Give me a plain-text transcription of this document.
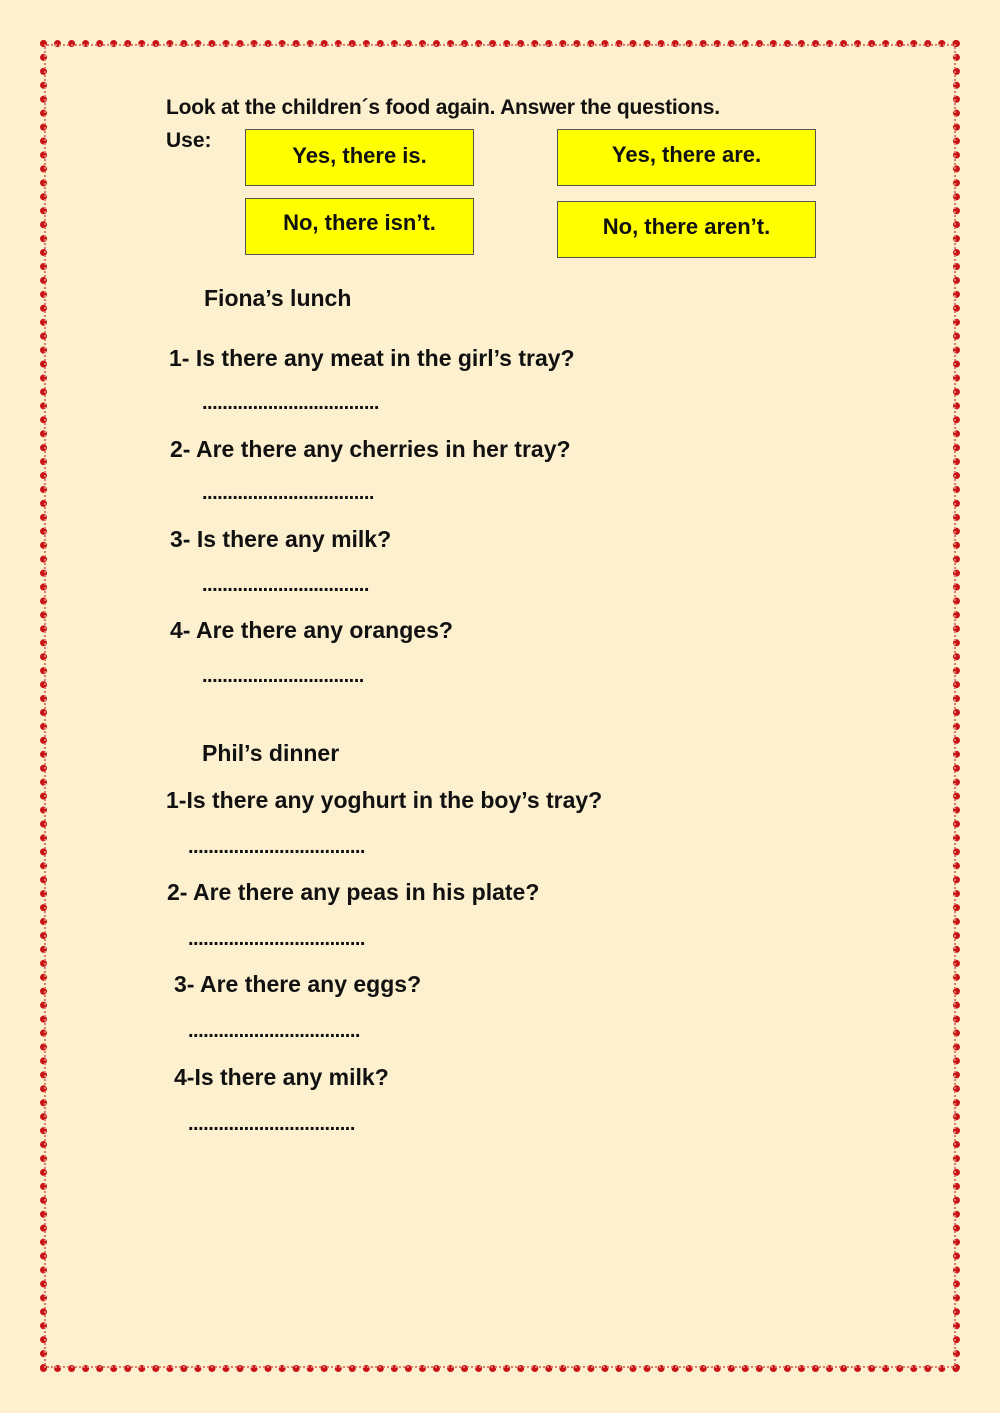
Look at the children´s food again. Answer the questions.
Use:
Yes, there is.	Yes, there are.
No, there isn’t.	No, there aren’t.
Fiona’s lunch
1- Is there any meat in the girl’s tray?
...................................
2- Are there any cherries in her tray?
..................................
3- Is there any milk?
.................................
4- Are there any oranges?
................................
Phil’s dinner
1-Is there any yoghurt in the boy’s tray?
...................................
2- Are there any peas in his plate?
...................................
3- Are there any eggs?
..................................
4-Is there any milk?
.................................
